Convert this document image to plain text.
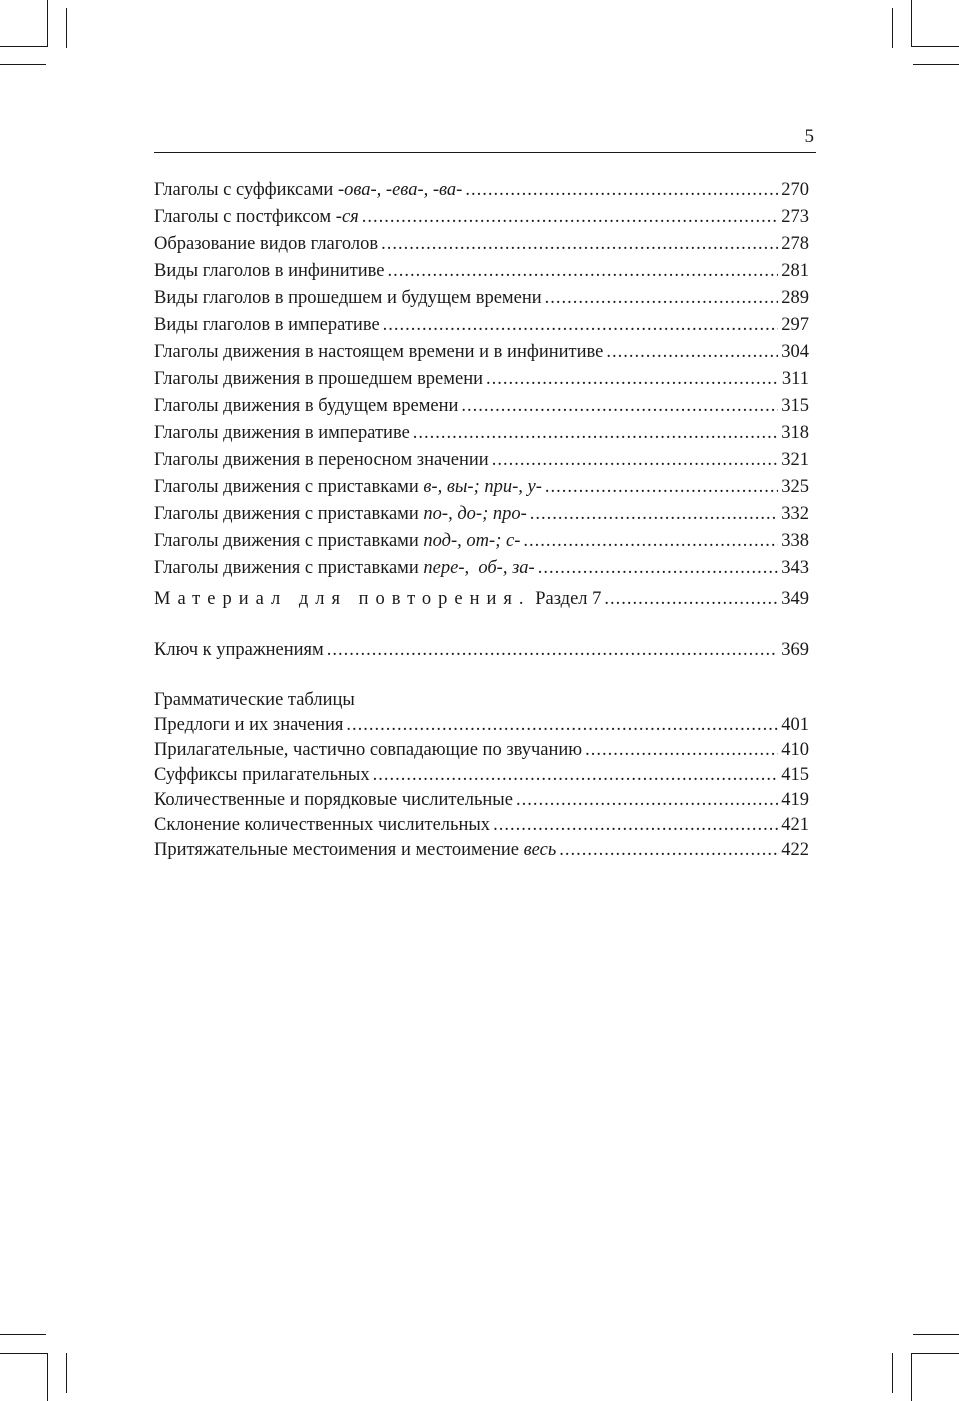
5
Глаголы с суффиксами -ова-, -ева-, -ва- .....	270
Глаголы с постфиксом -ся .....	273
Образование видов глаголов .....	278
Виды глаголов в инфинитиве .....	281
Виды глаголов в прошедшем и будущем времени .....	289
Виды глаголов в императиве .....	297
Глаголы движения в настоящем времени и в инфинитиве .....	304
Глаголы движения в прошедшем времени .....	311
Глаголы движения в будущем времени .....	315
Глаголы движения в императиве .....	318
Глаголы движения в переносном значении .....	321
Глаголы движения с приставками в-, вы-; при-, у- .....	325
Глаголы движения с приставками по-, до-; про- .....	332
Глаголы движения с приставками под-, от-; с- .....	338
Глаголы движения с приставками пере-,  об-, за- .....	343
Материал для повторения. Раздел 7 .....	349
Ключ к упражнениям .....	369
Грамматические таблицы
Предлоги и их значения .....	401
Прилагательные, частично совпадающие по звучанию .....	410
Суффиксы прилагательных .....	415
Количественные и порядковые числительные .....	419
Склонение количественных числительных .....	421
Притяжательные местоимения и местоимение весь .....	422
